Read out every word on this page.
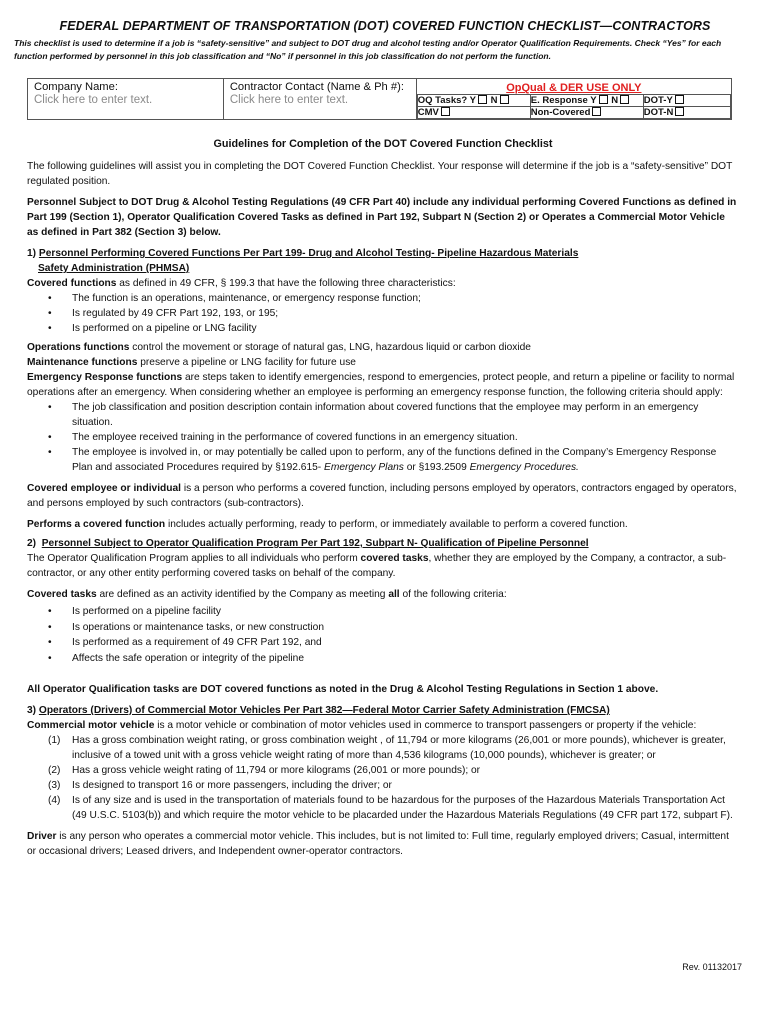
FEDERAL DEPARTMENT OF TRANSPORTATION (DOT) COVERED FUNCTION CHECKLIST—CONTRACTORS
This checklist is used to determine if a job is “safety-sensitive” and subject to DOT drug and alcohol testing and/or Operator Qualification Requirements. Check “Yes” for each function performed by personnel in this job classification and “No” if personnel in this job classification do not perform the function.
Company Name:
Click here to enter text.

Contractor Contact (Name & Ph #):
Click here to enter text.

OpQual & DER USE ONLY
OQ Tasks? Y N	E. Response Y N	DOT-Y
CMV	Non-Covered	DOT-N
Guidelines for Completion of the DOT Covered Function Checklist

The following guidelines will assist you in completing the DOT Covered Function Checklist. Your response will determine if the job is a “safety-sensitive” DOT regulated position.

Personnel Subject to DOT Drug & Alcohol Testing Regulations (49 CFR Part 40) include any individual performing Covered Functions as defined in Part 199 (Section 1), Operator Qualification Covered Tasks as defined in Part 192, Subpart N (Section 2) or Operates a Commercial Motor Vehicle as defined in Part 382 (Section 3) below.

1) Personnel Performing Covered Functions Per Part 199- Drug and Alcohol Testing- Pipeline Hazardous Materials
Safety Administration (PHMSA)

Covered functions as defined in 49 CFR, § 199.3 that have the following three characteristics:
• The function is an operations, maintenance, or emergency response function;
• Is regulated by 49 CFR Part 192, 193, or 195;
• Is performed on a pipeline or LNG facility
Operations functions control the movement or storage of natural gas, LNG, hazardous liquid or carbon dioxide
Maintenance functions preserve a pipeline or LNG facility for future use
Emergency Response functions are steps taken to identify emergencies, respond to emergencies, protect people, and return a pipeline or facility to normal operations after an emergency. When considering whether an employee is performing an emergency response function, the following criteria should apply:
• The job classification and position description contain information about covered functions that the employee may perform in an emergency situation.
• The employee received training in the performance of covered functions in an emergency situation.
• The employee is involved in, or may potentially be called upon to perform, any of the functions defined in the Company’s Emergency Response Plan and associated Procedures required by §192.615- Emergency Plans or §193.2509 Emergency Procedures.

Covered employee or individual is a person who performs a covered function, including persons employed by operators, contractors engaged by operators, and persons employed by such contractors (sub-contractors).

Performs a covered function includes actually performing, ready to perform, or immediately available to perform a covered function.

2) Personnel Subject to Operator Qualification Program Per Part 192, Subpart N- Qualification of Pipeline Personnel

The Operator Qualification Program applies to all individuals who perform covered tasks, whether they are employed by the Company, a contractor, a sub-contractor, or any other entity performing covered tasks on behalf of the company.

Covered tasks are defined as an activity identified by the Company as meeting all of the following criteria:

• Is performed on a pipeline facility
• Is operations or maintenance tasks, or new construction
• Is performed as a requirement of 49 CFR Part 192, and
• Affects the safe operation or integrity of the pipeline

All Operator Qualification tasks are DOT covered functions as noted in the Drug & Alcohol Testing Regulations in Section 1 above.

3) Operators (Drivers) of Commercial Motor Vehicles Per Part 382—Federal Motor Carrier Safety Administration (FMCSA)
Commercial motor vehicle is a motor vehicle or combination of motor vehicles used in commerce to transport passengers or property if the vehicle:
(1) Has a gross combination weight rating, or gross combination weight , of 11,794 or more kilograms (26,001 or more pounds), whichever is greater, inclusive of a towed unit with a gross vehicle weight rating of more than 4,536 kilograms (10,000 pounds), whichever is greater; or
(2) Has a gross vehicle weight rating of 11,794 or more kilograms (26,001 or more pounds); or
(3) Is designed to transport 16 or more passengers, including the driver; or
(4) Is of any size and is used in the transportation of materials found to be hazardous for the purposes of the Hazardous Materials Transportation Act (49 U.S.C. 5103(b)) and which require the motor vehicle to be placarded under the Hazardous Materials Regulations (49 CFR part 172, subpart F).

Driver is any person who operates a commercial motor vehicle. This includes, but is not limited to: Full time, regularly employed drivers; Casual, intermittent or occasional drivers; Leased drivers, and Independent owner-operator contractors.

Rev. 01132017
